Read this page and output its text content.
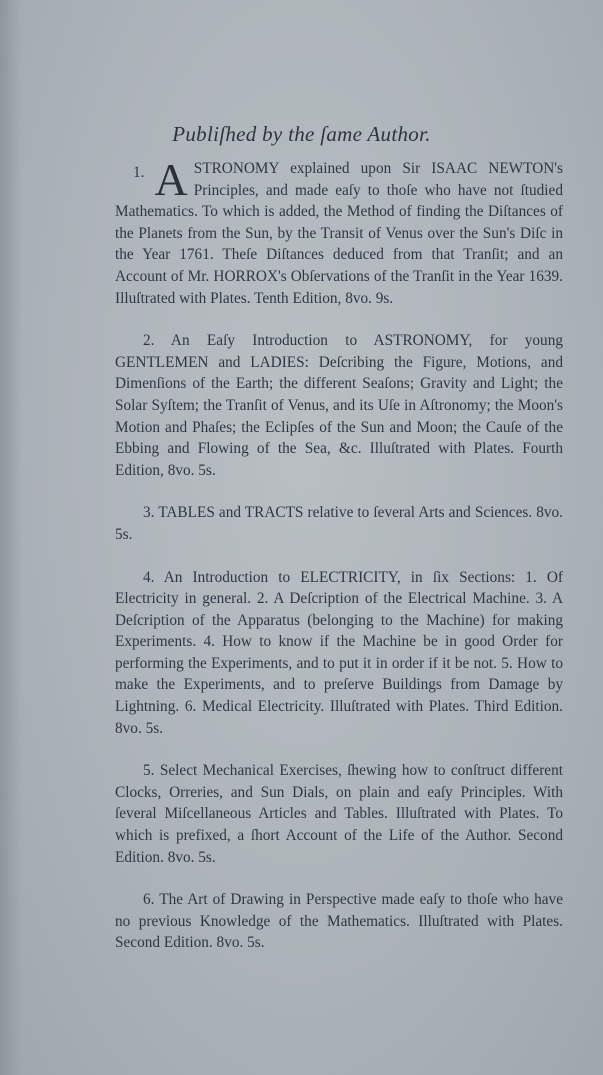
Publiſhed by the ſame Author.
1. A STRONOMY explained upon Sir ISAAC NEWTON's Principles, and made eaſy to thoſe who have not ſtudied Mathematics. To which is added, the Method of finding the Diſtances of the Planets from the Sun, by the Transit of Venus over the Sun's Diſc in the Year 1761. Theſe Diſtances deduced from that Tranſit; and an Account of Mr. HORROX's Obſervations of the Tranſit in the Year 1639. Illuſtrated with Plates. Tenth Edition, 8vo. 9s.
2. An Eaſy Introduction to ASTRONOMY, for young GENTLEMEN and LADIES: Deſcribing the Figure, Motions, and Dimenſions of the Earth; the different Seaſons; Gravity and Light; the Solar Syſtem; the Tranſit of Venus, and its Uſe in Aſtronomy; the Moon's Motion and Phaſes; the Eclipſes of the Sun and Moon; the Cauſe of the Ebbing and Flowing of the Sea, &c. Illuſtrated with Plates. Fourth Edition, 8vo. 5s.
3. TABLES and TRACTS relative to ſeveral Arts and Sciences. 8vo. 5s.
4. An Introduction to ELECTRICITY, in ſix Sections: 1. Of Electricity in general. 2. A Deſcription of the Electrical Machine. 3. A Deſcription of the Apparatus (belonging to the Machine) for making Experiments. 4. How to know if the Machine be in good Order for performing the Experiments, and to put it in order if it be not. 5. How to make the Experiments, and to preſerve Buildings from Damage by Lightning. 6. Medical Electricity. Illuſtrated with Plates. Third Edition. 8vo. 5s.
5. Select Mechanical Exercises, ſhewing how to conſtruct different Clocks, Orreries, and Sun Dials, on plain and eaſy Principles. With ſeveral Miſcellaneous Articles and Tables. Illuſtrated with Plates. To which is prefixed, a ſhort Account of the Life of the Author. Second Edition. 8vo. 5s.
6. The Art of Drawing in Perspective made eaſy to thoſe who have no previous Knowledge of the Mathematics. Illuſtrated with Plates. Second Edition. 8vo. 5s.
